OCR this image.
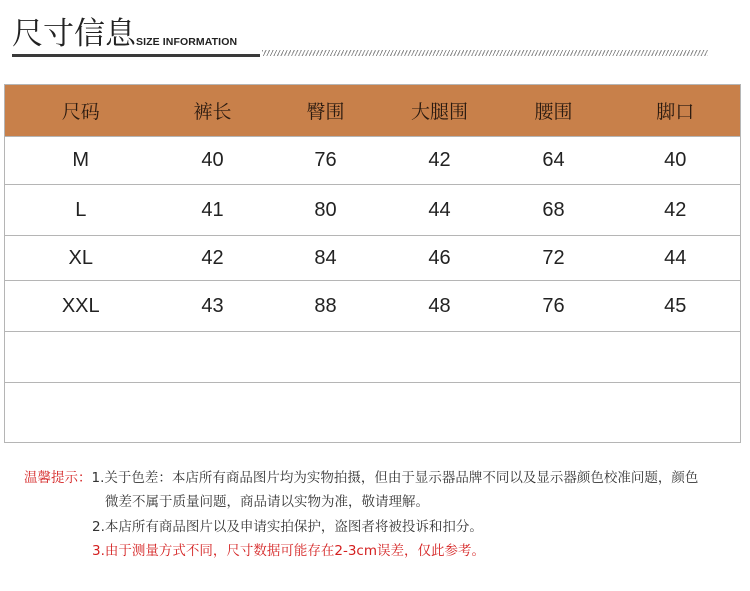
尺寸信息 SIZE INFORMATION
尺码	裤长	臀围	大腿围	腰围	脚口
M	40	76	42	64	40
L	41	80	44	68	42
XL	42	84	46	72	44
XXL	43	88	48	76	45

温馨提示：1.关于色差：本店所有商品图片均为实物拍摄，但由于显示器品牌不同以及显示器颜色校准问题，颜色
微差不属于质量问题，商品请以实物为准，敬请理解。
2.本店所有商品图片以及申请实拍保护，盗图者将被投诉和扣分。
3.由于测量方式不同，尺寸数据可能存在2-3cm误差，仅此参考。
